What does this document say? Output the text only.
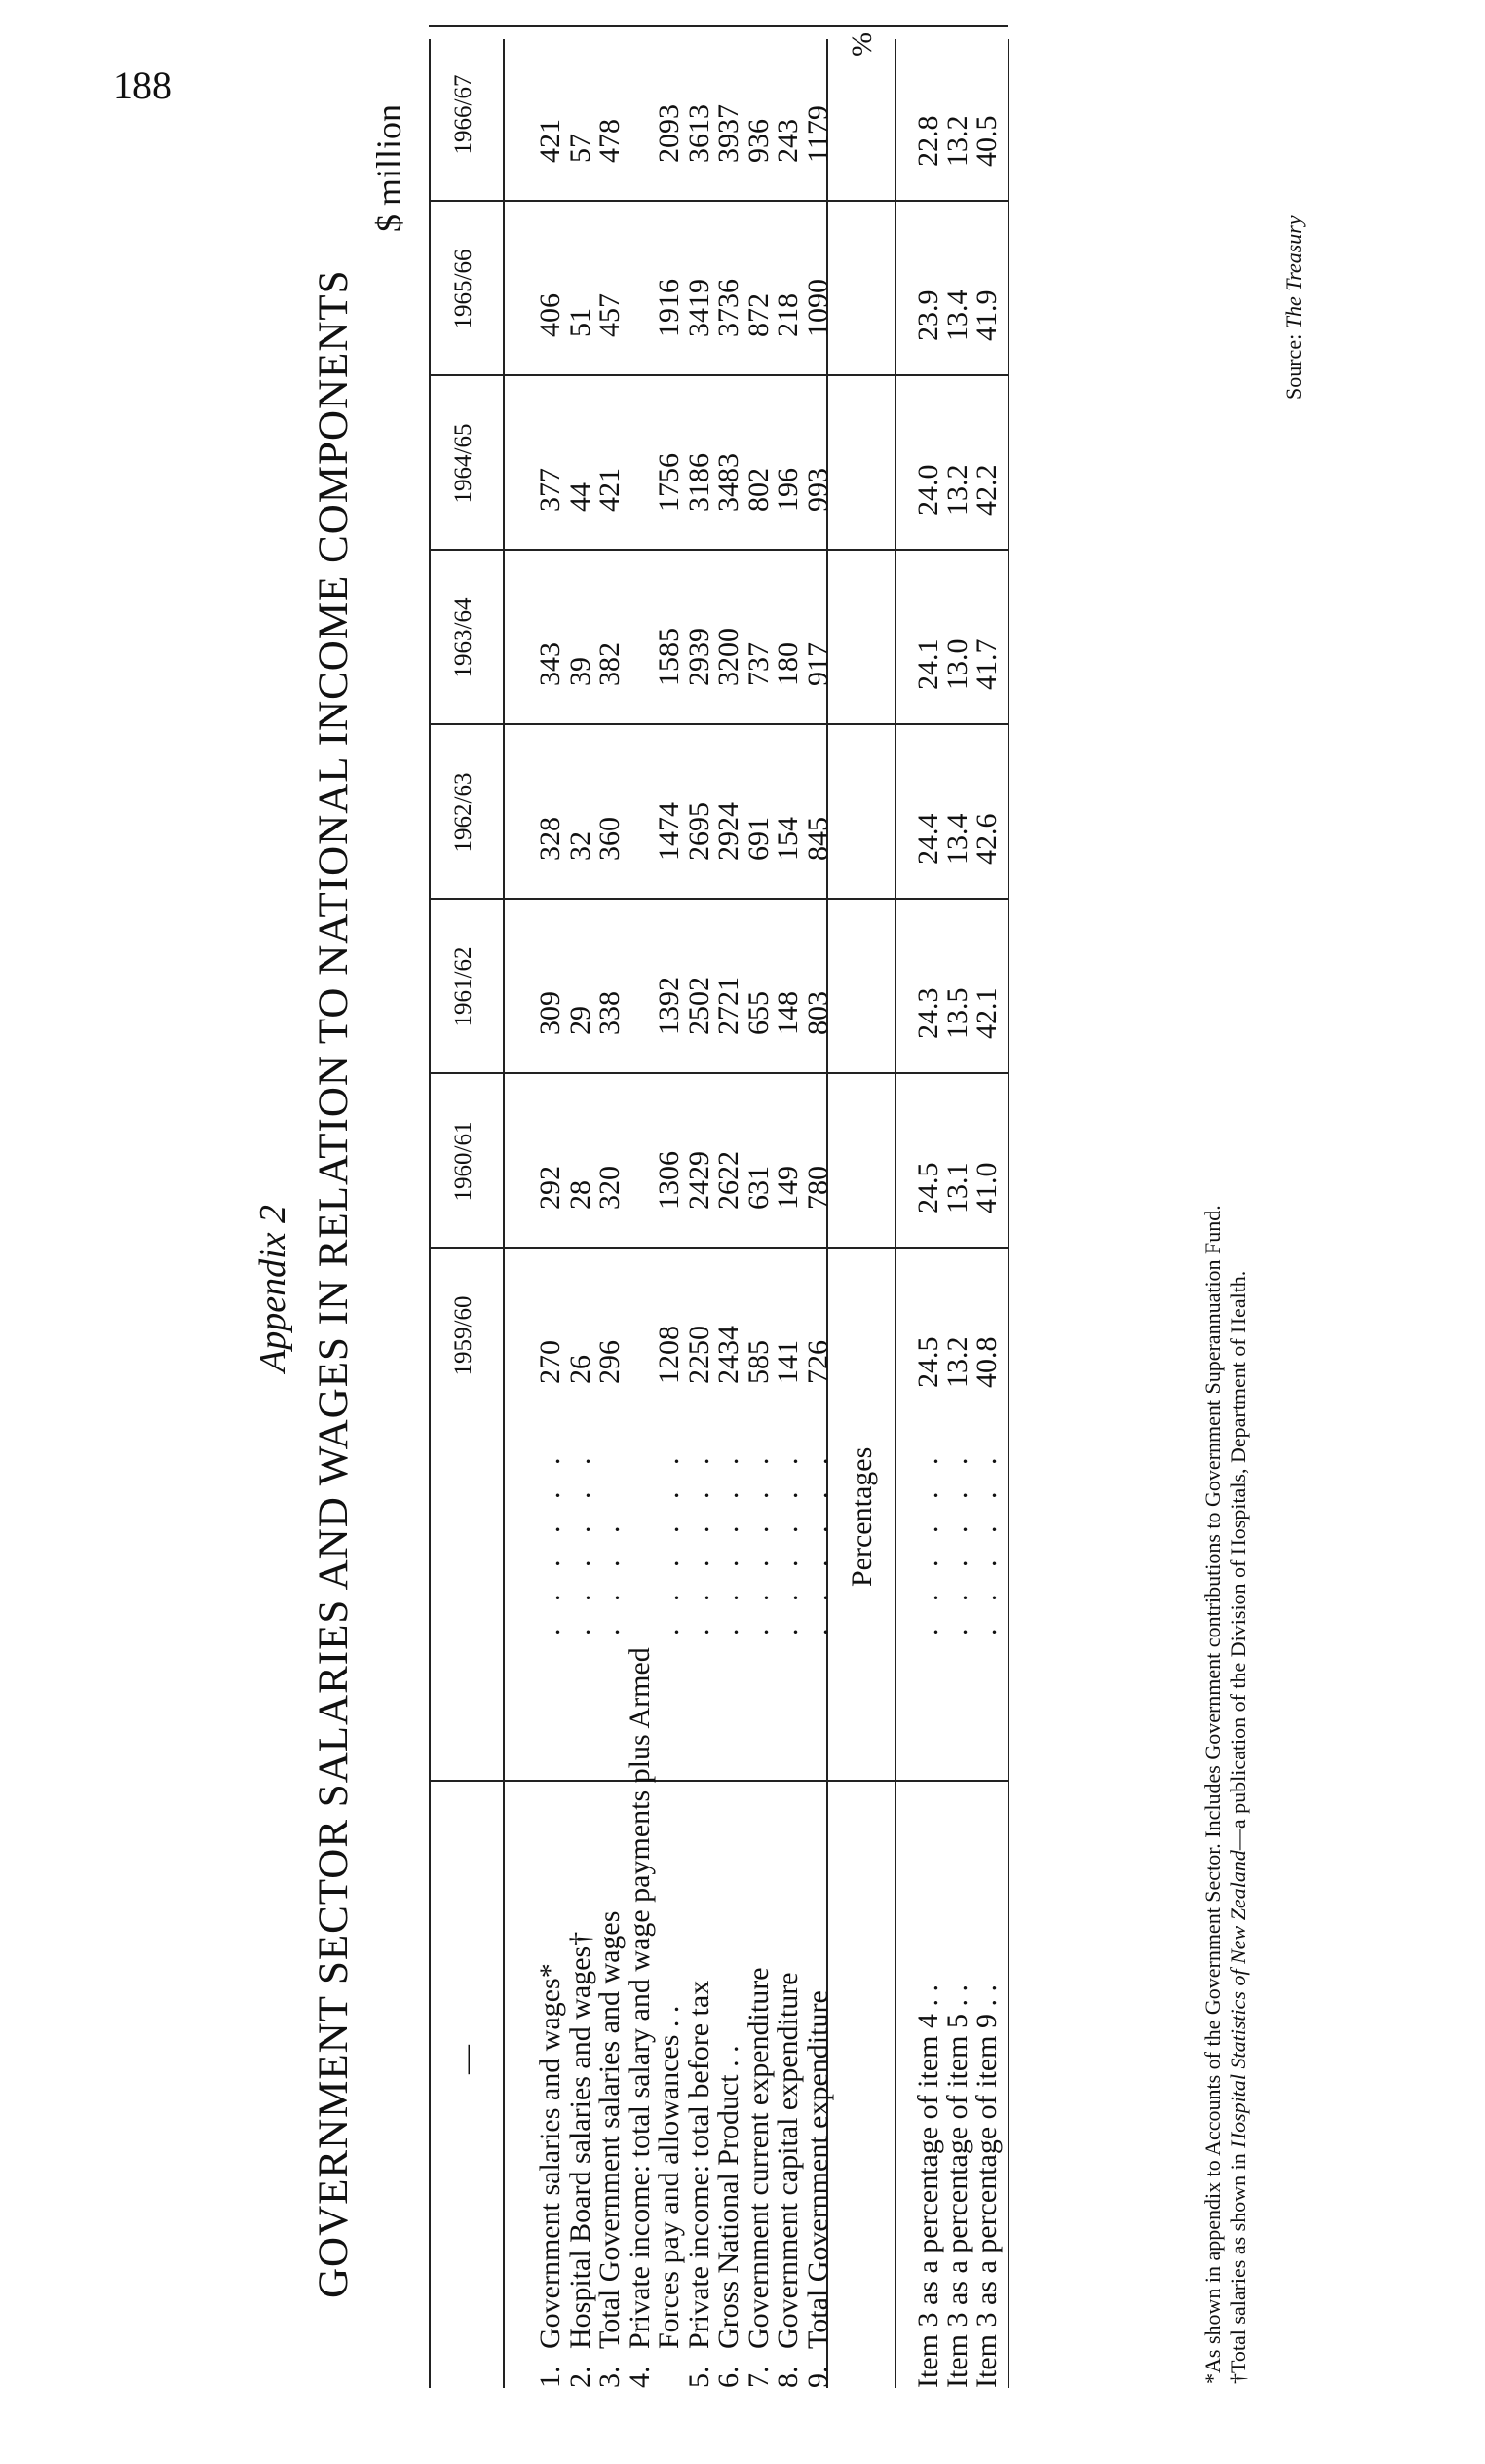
188
Appendix 2 GOVERNMENT SECTOR SALARIES AND WAGES IN RELATION TO NATIONAL INCOME COMPONENTS
$ million
1959/60
1960/61
1961/62
1962/63
1963/64
1964/65
1965/66
1966/67
—
1.Government salaries and wages*
. . . . . .
2.Hospital Board salaries and wages†
. . . . . .
3.Total Government salaries and wages
. . . .
4.Private income: total salary and wage payments plus Armed
Forces pay and allowances . .
. . . . . .
5.Private income: total before tax
. . . . . .
6.Gross National Product . .
. . . . . .
7.Government current expenditure
. . . . . .
8.Government capital expenditure
. . . . . .
9.Total Government expenditure
. . . . . .
270
26
296 1208
2250
2434
585
141
726
292
28
320 1306
2429
2622
631
149
780
309
29
338 1392
2502
2721
655
148
803
328
32
360 1474
2695
2924
691
154
845
343
39
382 1585
2939
3200
737
180
917
377
44
421 1756
3186
3483
802
196
993
406
51
457 1916
3419
3736
872
218
1090
421
57
478 2093
3613
3937
936
243
1179
Percentages
%
Item 3 as a percentage of item 4 . .
. . . . . .
Item 3 as a percentage of item 5 . .
. . . . . .
Item 3 as a percentage of item 9 . .
. . . . . .
24.5
13.2
40.8
24.5
13.1
41.0
24.3
13.5
42.1
24.4
13.4
42.6
24.1
13.0
41.7
24.0
13.2
42.2
23.9
13.4
41.9
22.8
13.2
40.5
*As shown in appendix to Accounts of the Government Sector. Includes Government contributions to Government Superannuation Fund. †Total salaries as shown in Hospital Statistics of New Zealand—a publication of the Division of Hospitals, Department of Health.
Source: The Treasury
